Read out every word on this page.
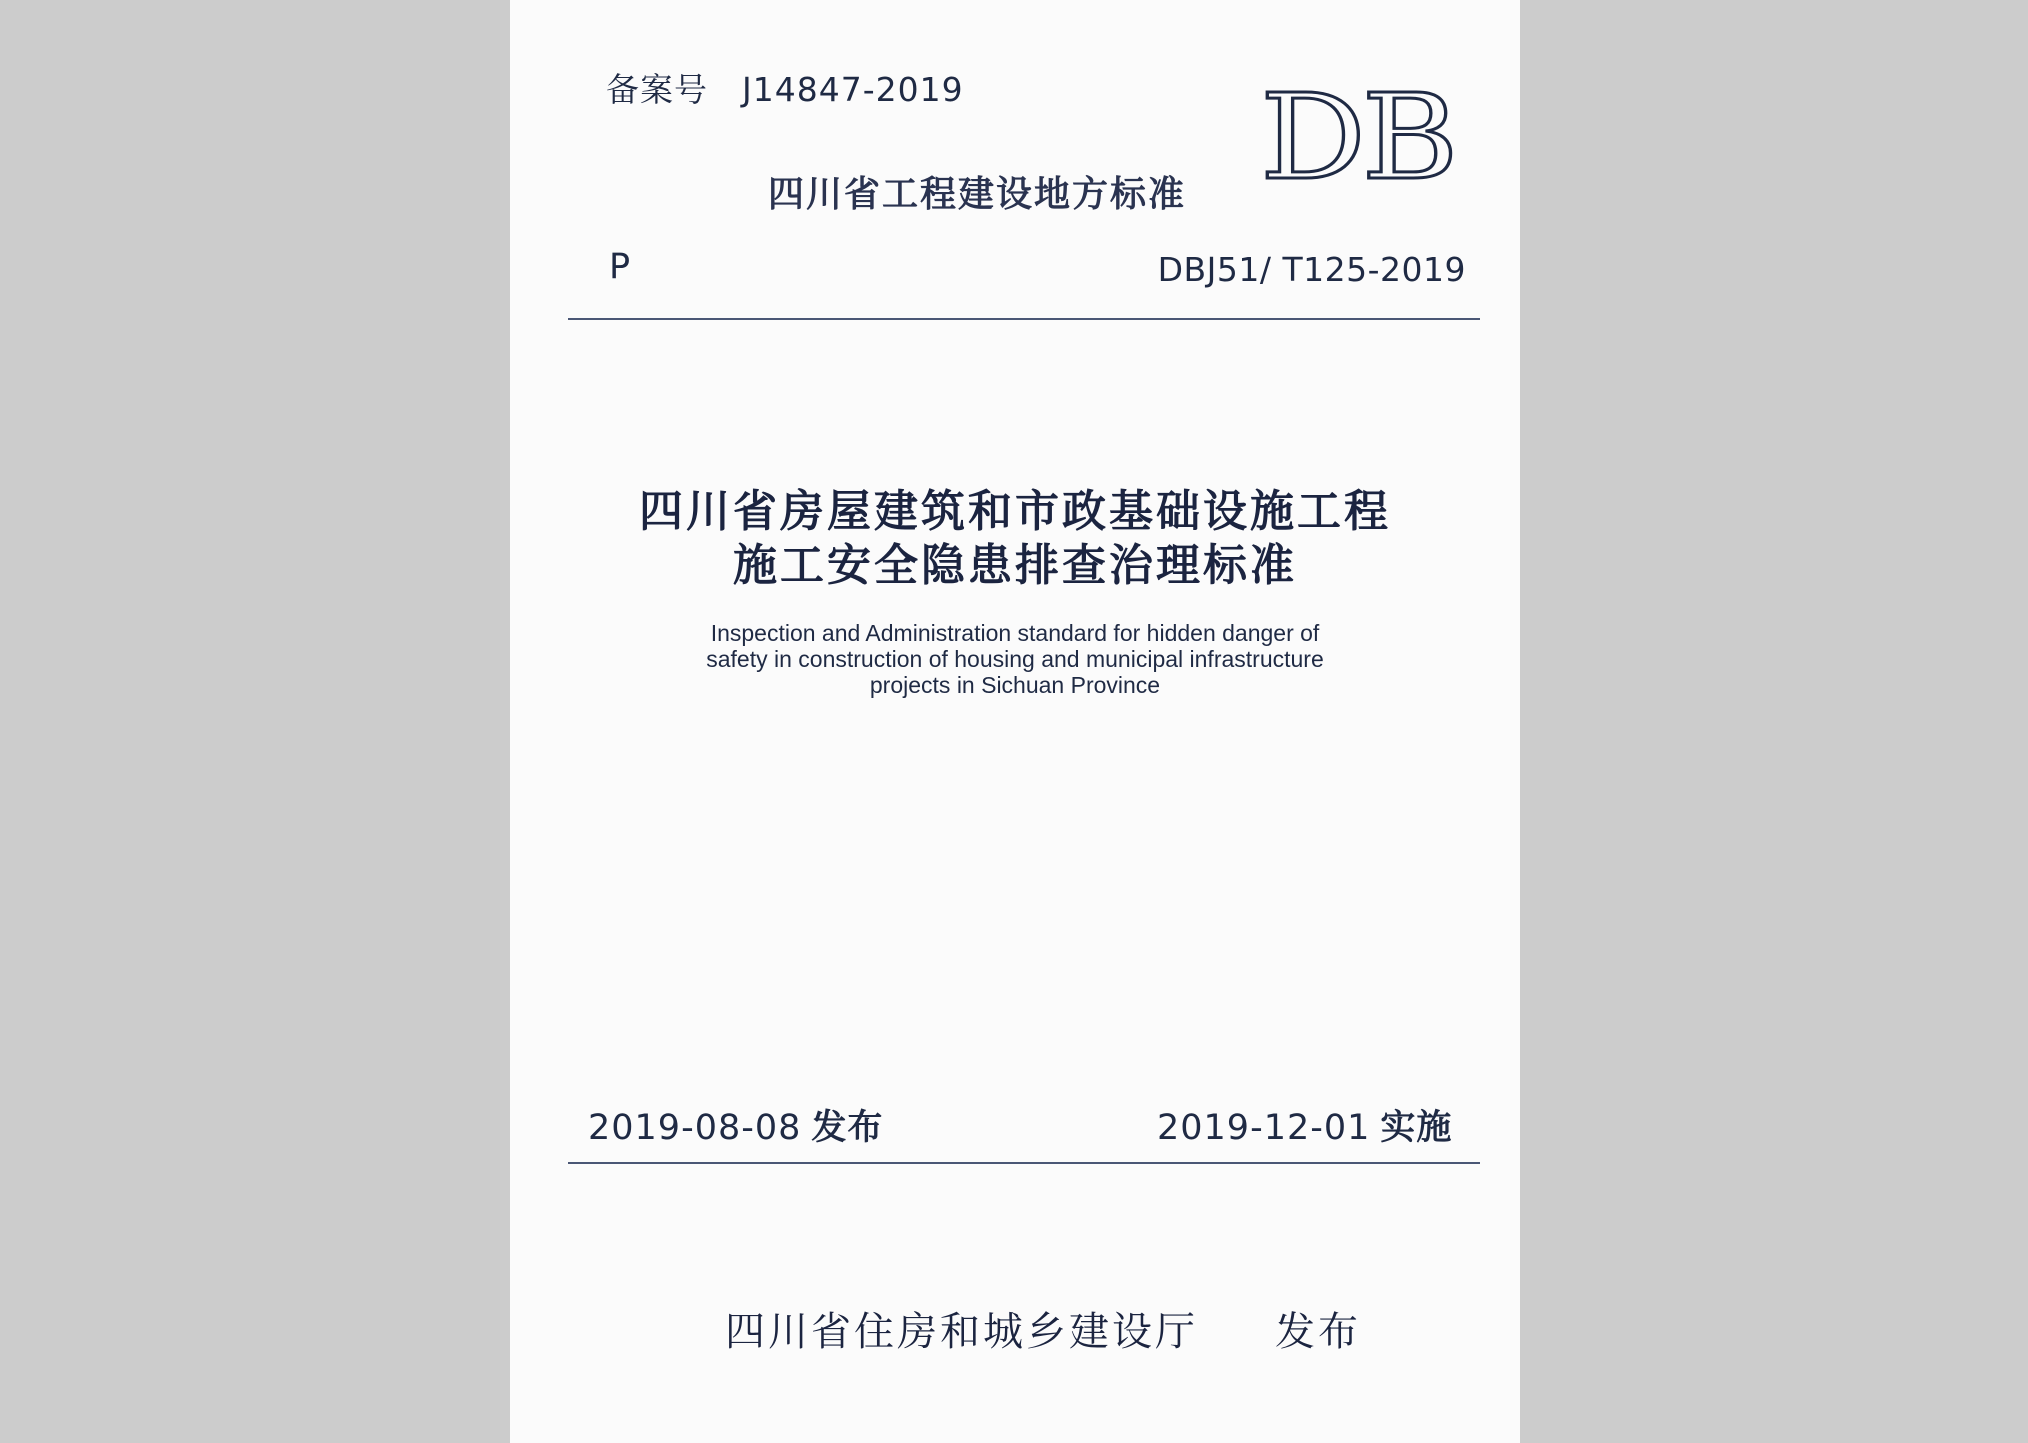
备案号 J14847-2019
四川省工程建设地方标准 DB
P	DBJ51/ T125-2019
四川省房屋建筑和市政基础设施工程
施工安全隐患排查治理标准
Inspection and Administration standard for hidden danger of
safety in construction of housing and municipal infrastructure
projects in Sichuan Province
2019-08-08 发布	2019-12-01 实施
四川省住房和城乡建设厅 发布
